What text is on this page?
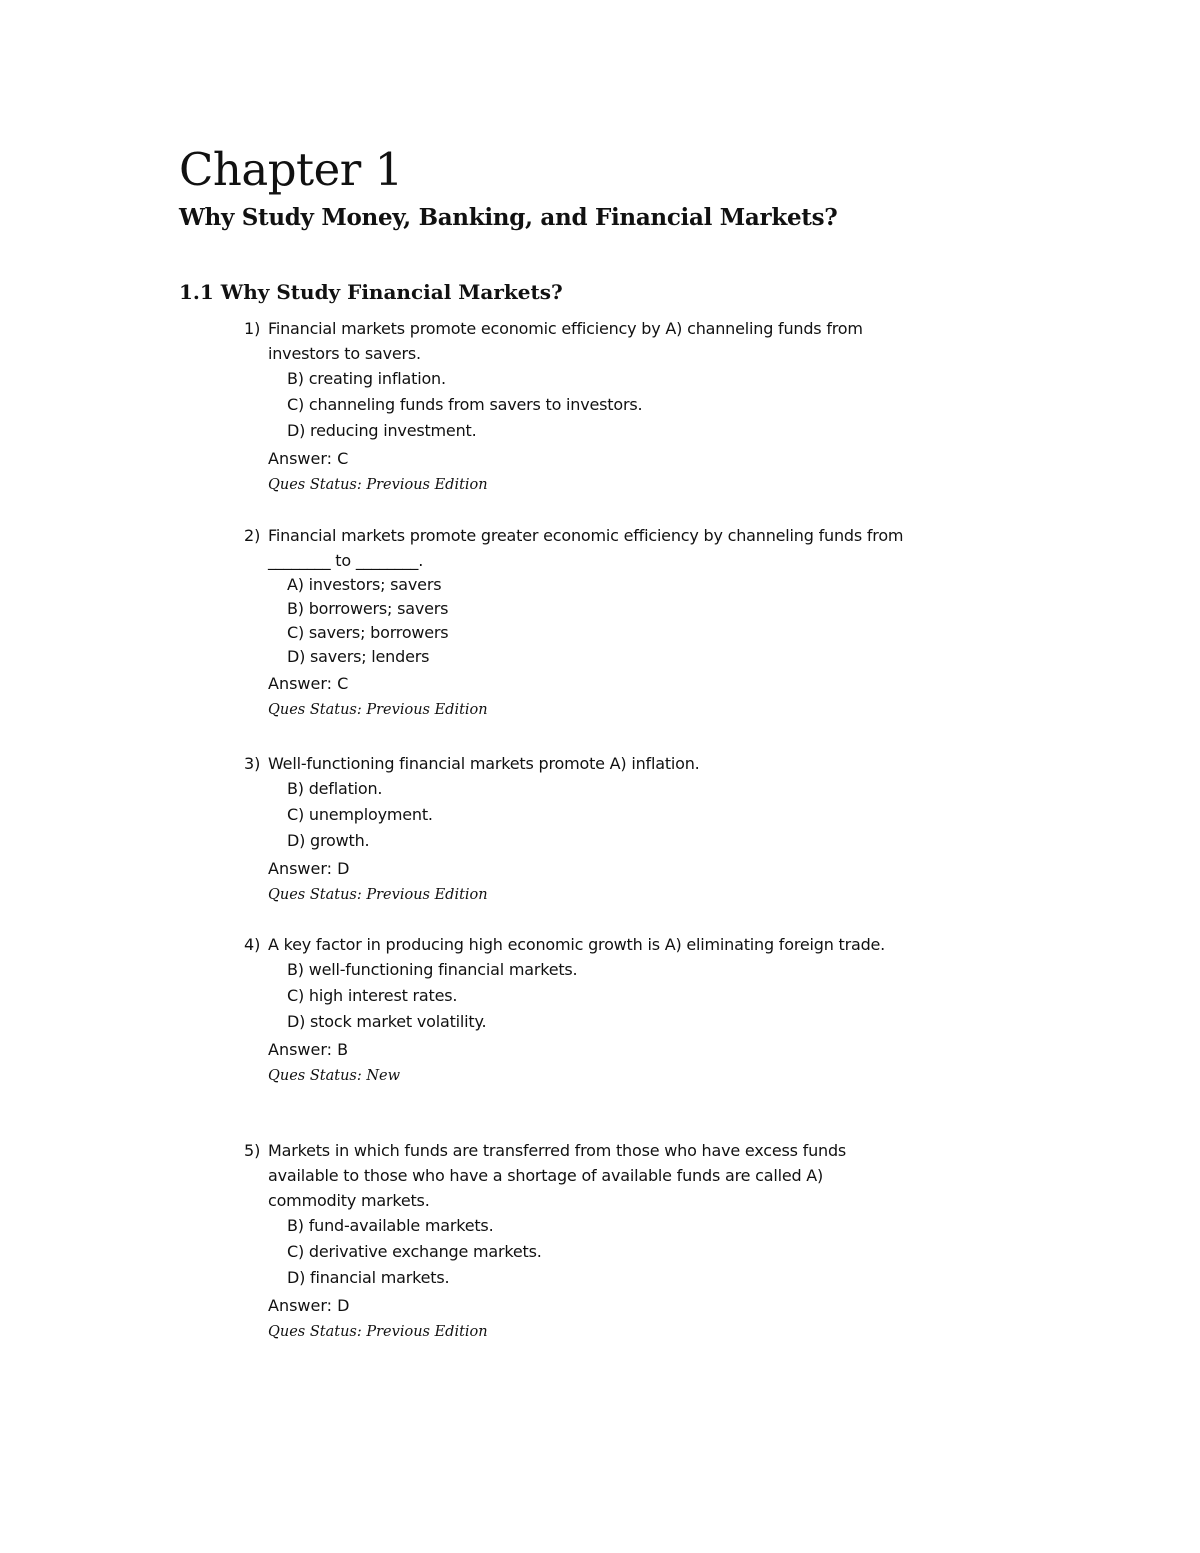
Chapter 1
Why Study Money, Banking, and Financial Markets?
1.1 Why Study Financial Markets?
1) Financial markets promote economic efficiency by A) channeling funds from investors to savers.
B) creating inflation.
C) channeling funds from savers to investors.
D) reducing investment.
Answer: C
Ques Status: Previous Edition
2) Financial markets promote greater economic efficiency by channeling funds from ________ to ________.
A) investors; savers
B) borrowers; savers
C) savers; borrowers
D) savers; lenders
Answer: C
Ques Status: Previous Edition
3) Well-functioning financial markets promote A) inflation.
B) deflation.
C) unemployment.
D) growth.
Answer: D
Ques Status: Previous Edition
4) A key factor in producing high economic growth is A) eliminating foreign trade.
B) well-functioning financial markets.
C) high interest rates.
D) stock market volatility.
Answer: B
Ques Status: New
5) Markets in which funds are transferred from those who have excess funds available to those who have a shortage of available funds are called A) commodity markets.
B) fund-available markets.
C) derivative exchange markets.
D) financial markets.
Answer: D
Ques Status: Previous Edition
